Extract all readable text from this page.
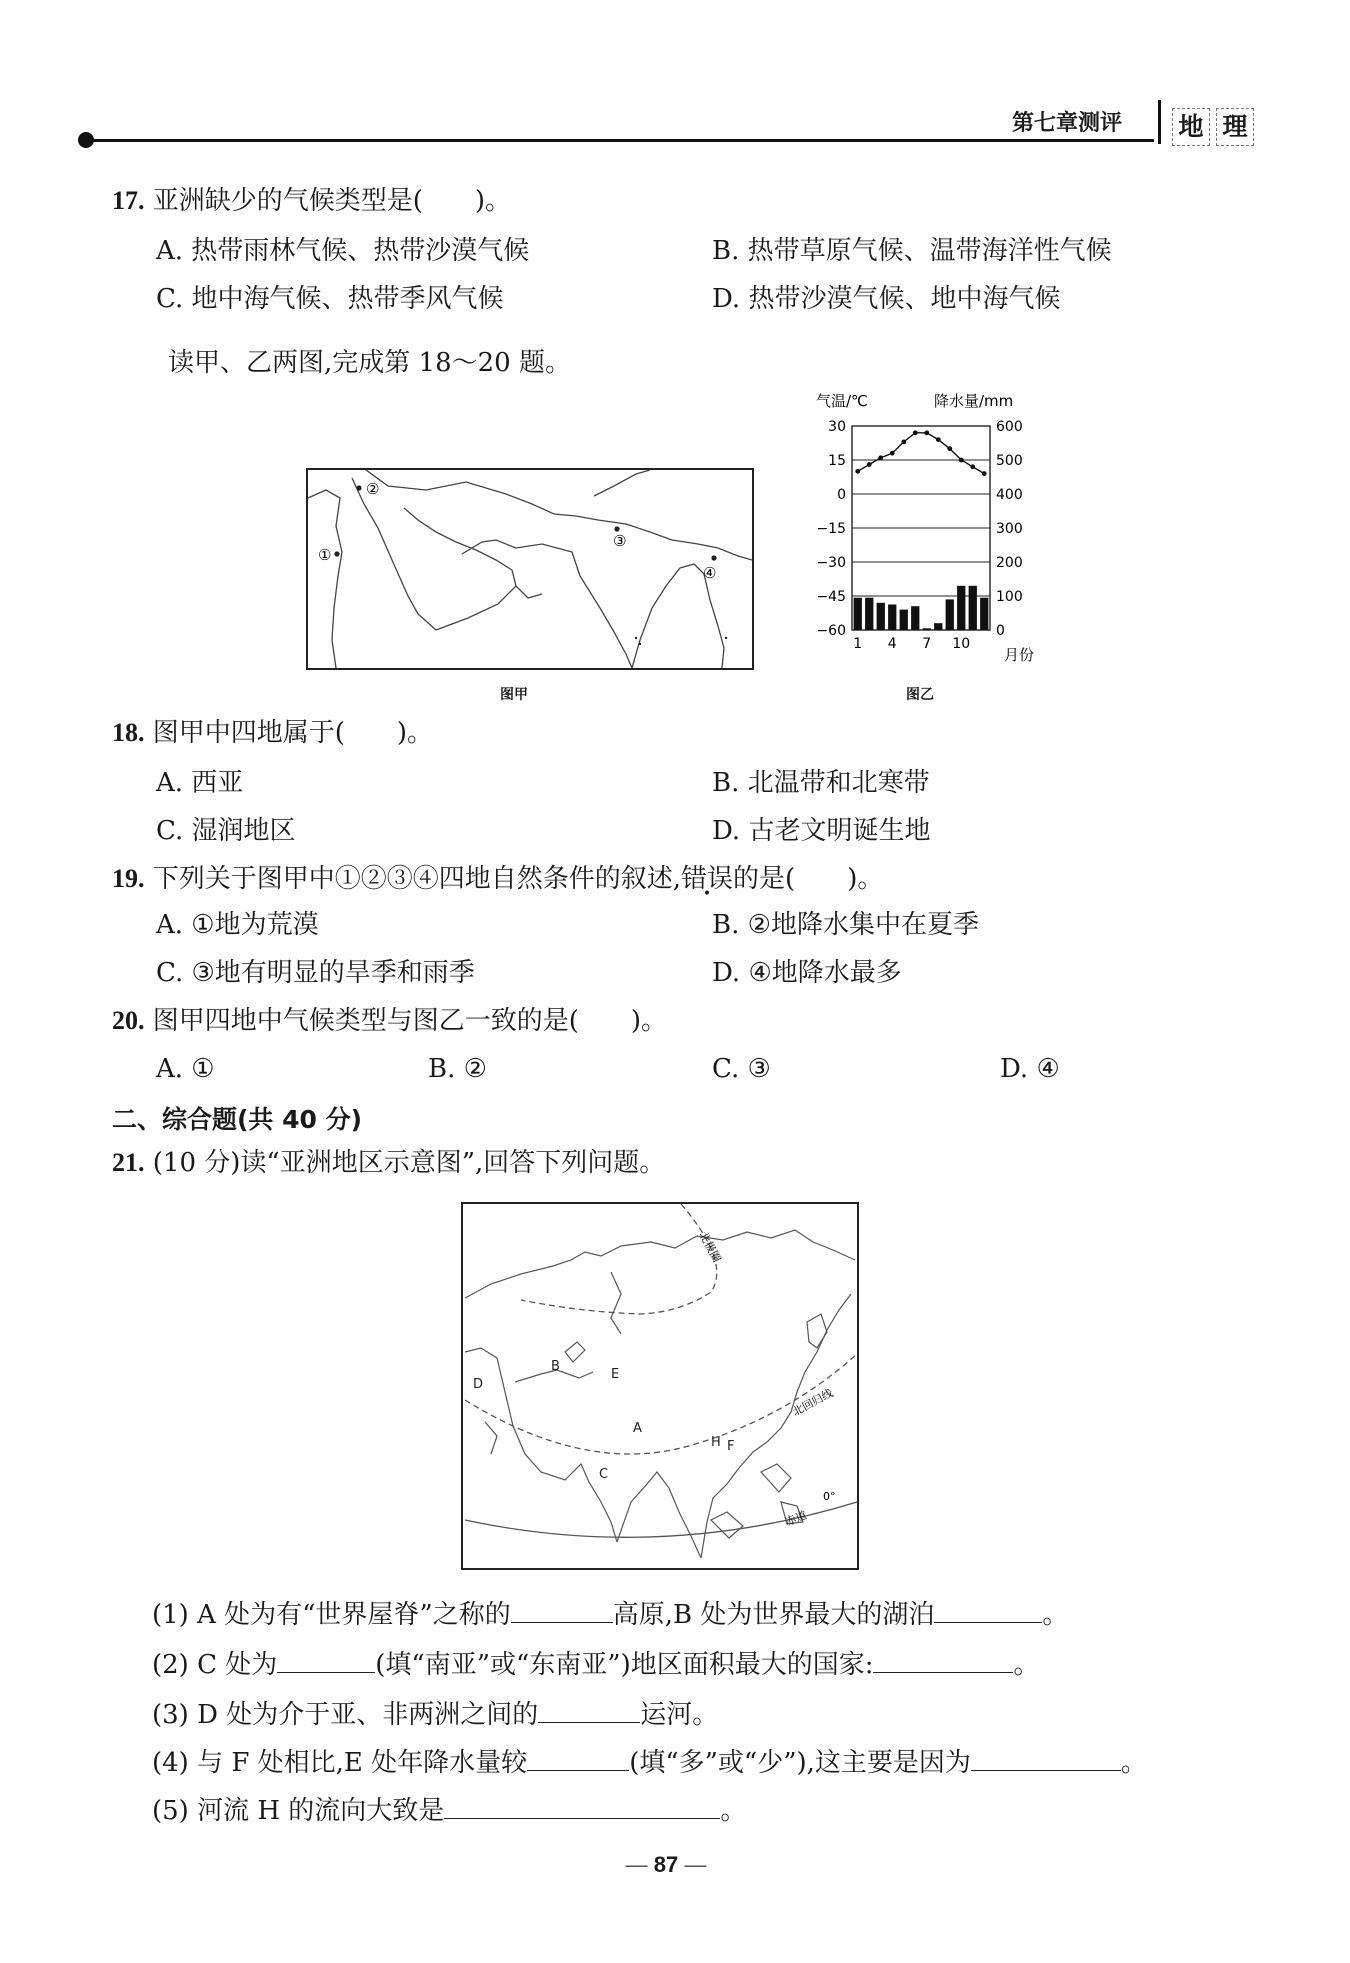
第七章测评 地 理
17. 亚洲缺少的气候类型是(　　)。
A. 热带雨林气候、热带沙漠气候	B. 热带草原气候、温带海洋性气候
C. 地中海气候、热带季风气候	D. 热带沙漠气候、地中海气候
读甲、乙两图,完成第 18～20 题。
②
①
③
④
图甲
气温/℃	降水量/mm
30
15
0
−15
−30
−45
−60
600
500
400
300
200
100
0
1 4 7 10
月份
图乙
18. 图甲中四地属于(　　)。
A. 西亚	B. 北温带和北寒带
C. 湿润地区	D. 古老文明诞生地
19. 下列关于图甲中①②③④四地自然条件的叙述,错误的是(　　)。
A. ①地为荒漠	B. ②地降水集中在夏季
C. ③地有明显的旱季和雨季	D. ④地降水最多
20. 图甲四地中气候类型与图乙一致的是(　　)。
A. ①	B. ②	C. ③	D. ④
二、综合题(共 40 分)
21. (10 分)读“亚洲地区示意图”,回答下列问题。
A
B
C
D
E
F
H
北极圈
北回归线
赤道
0°
(1) A 处为有“世界屋脊”之称的	高原,B 处为世界最大的湖泊	。
(2) C 处为	(填“南亚”或“东南亚”)地区面积最大的国家:	。
(3) D 处为介于亚、非两洲之间的	运河。
(4) 与 F 处相比,E 处年降水量较	(填“多”或“少”),这主要是因为	。
(5) 河流 H 的流向大致是	。
— 87 —
